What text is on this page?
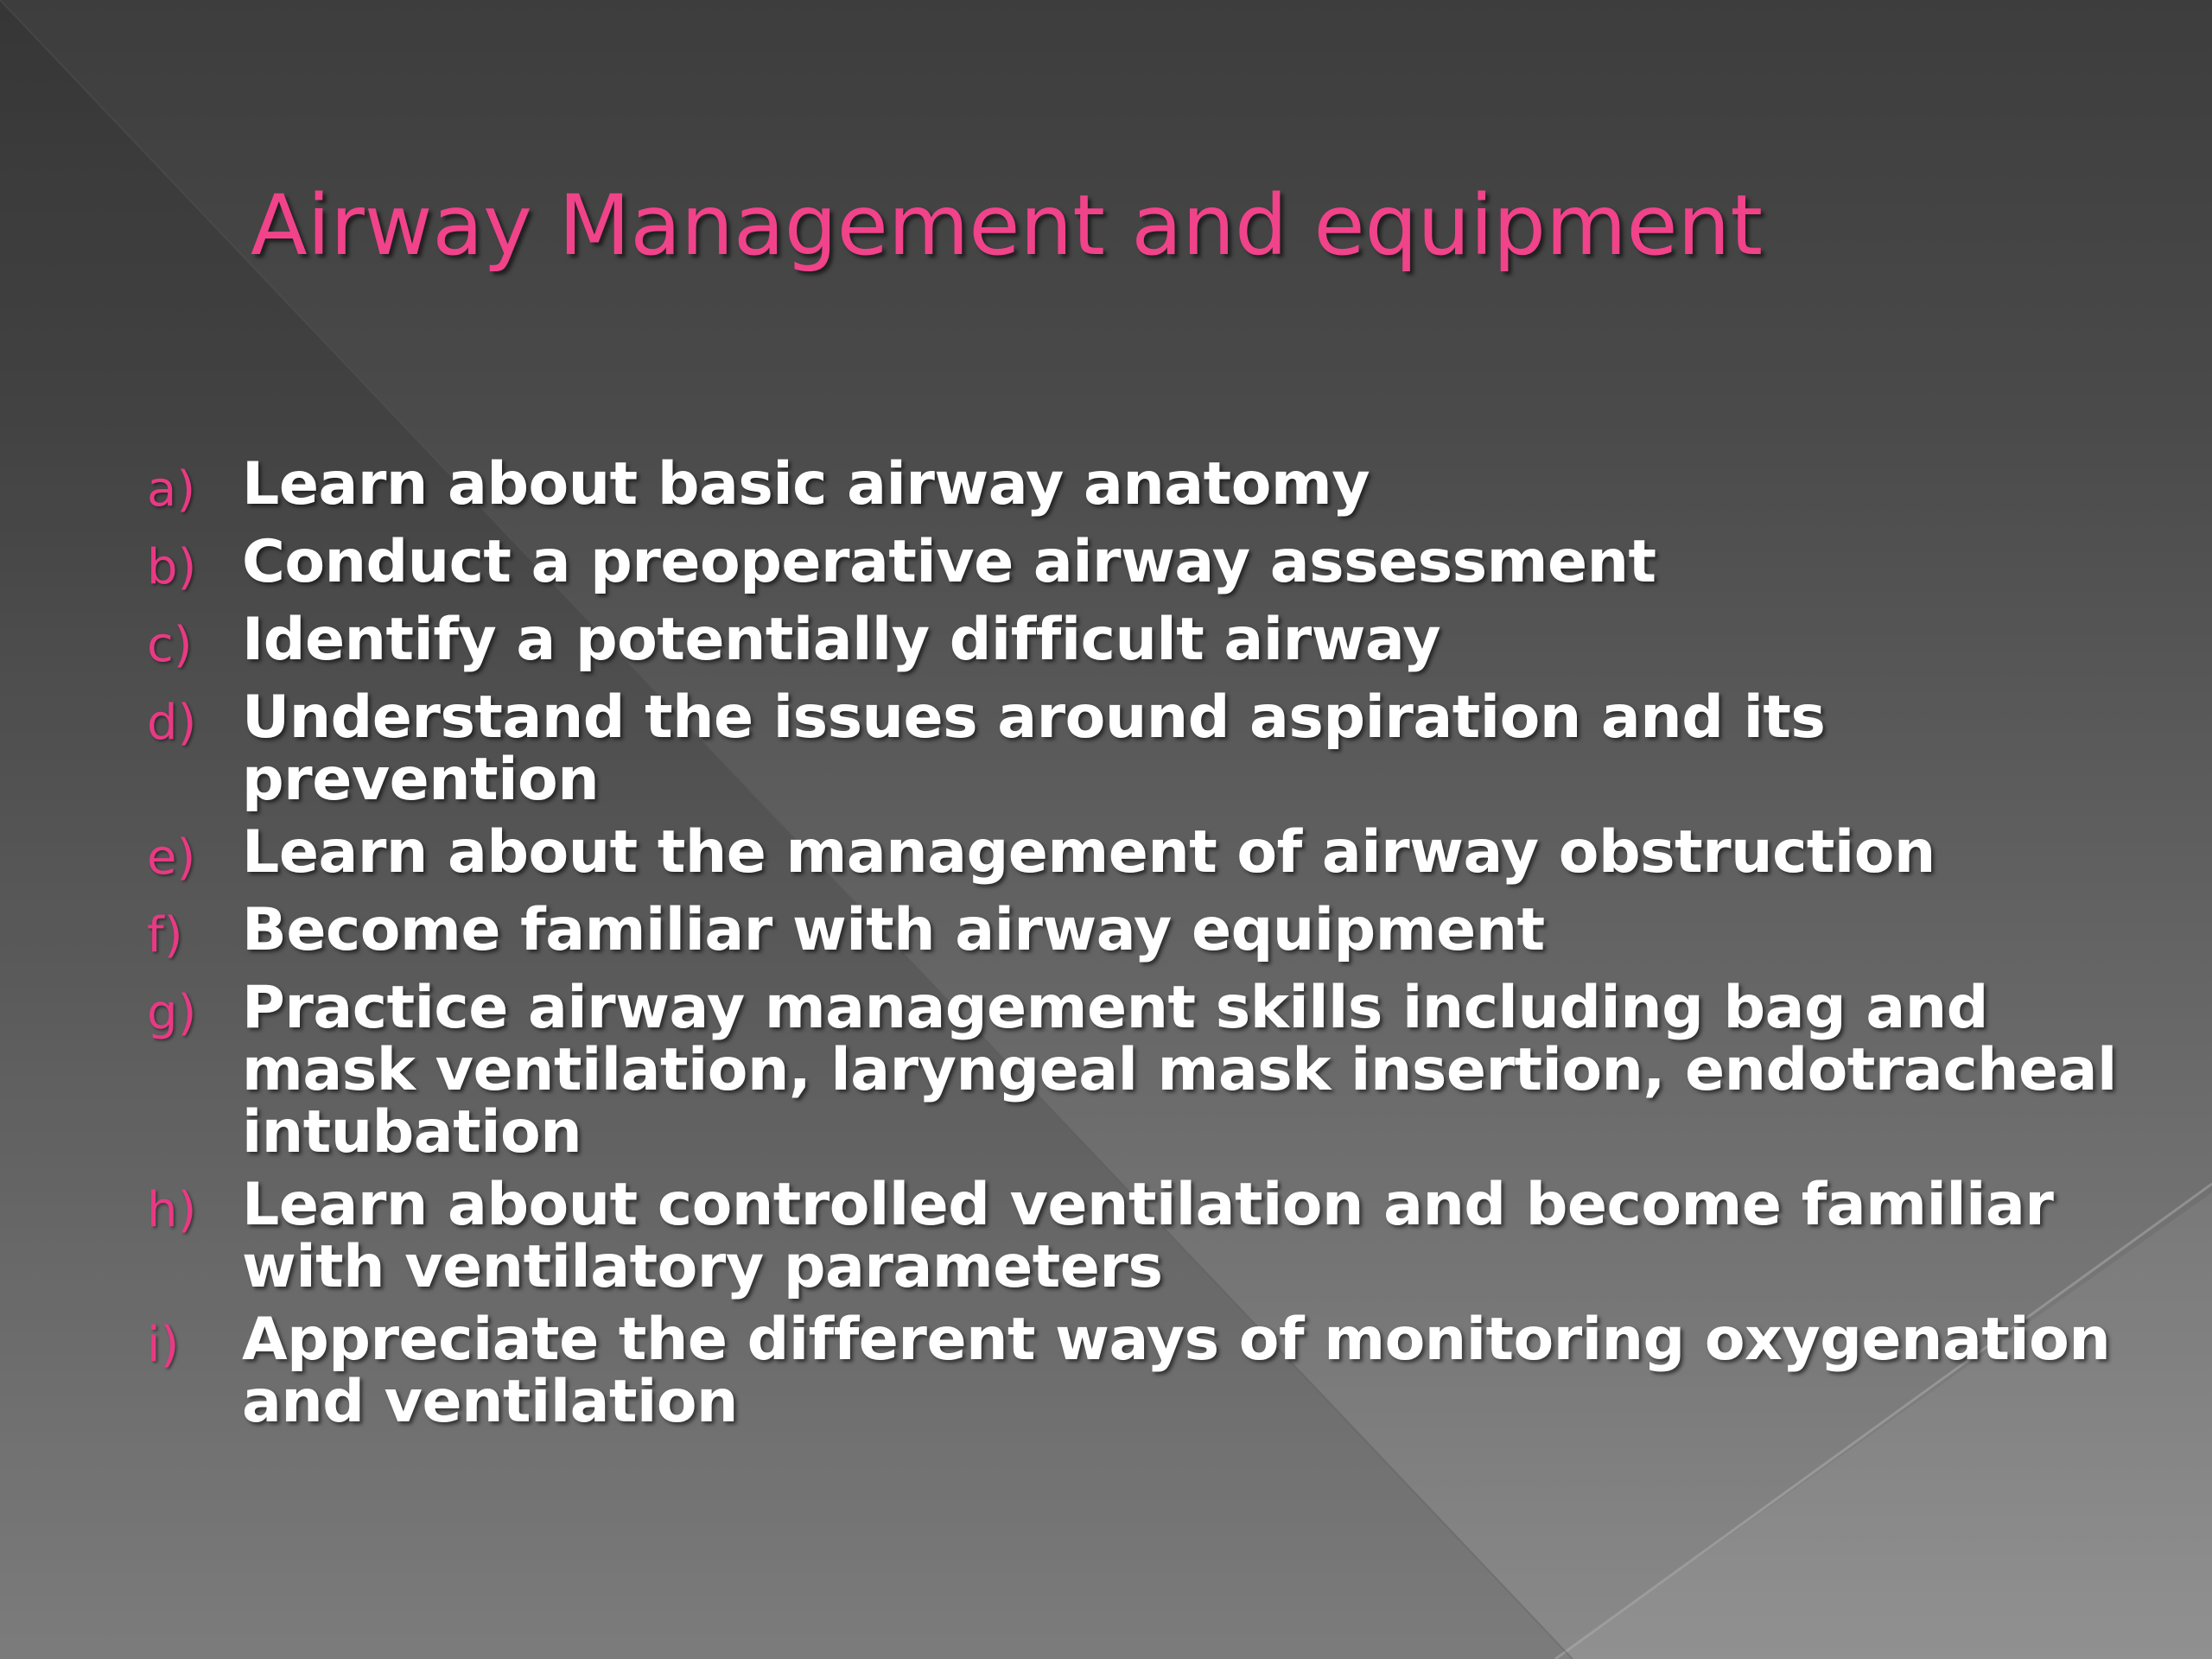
Airway Management and equipment
a) Learn about basic airway anatomy
b) Conduct a preoperative airway assessment
c) Identify a potentially difficult airway
d) Understand the issues around aspiration and its prevention
e) Learn about the management of airway obstruction
f)	Become familiar with airway equipment
g) Practice airway management skills including bag and mask ventilation, laryngeal mask insertion, endotracheal intubation
h) Learn about controlled ventilation and become familiar with ventilatory parameters
i)	Appreciate the different ways of monitoring oxygenation and ventilation
